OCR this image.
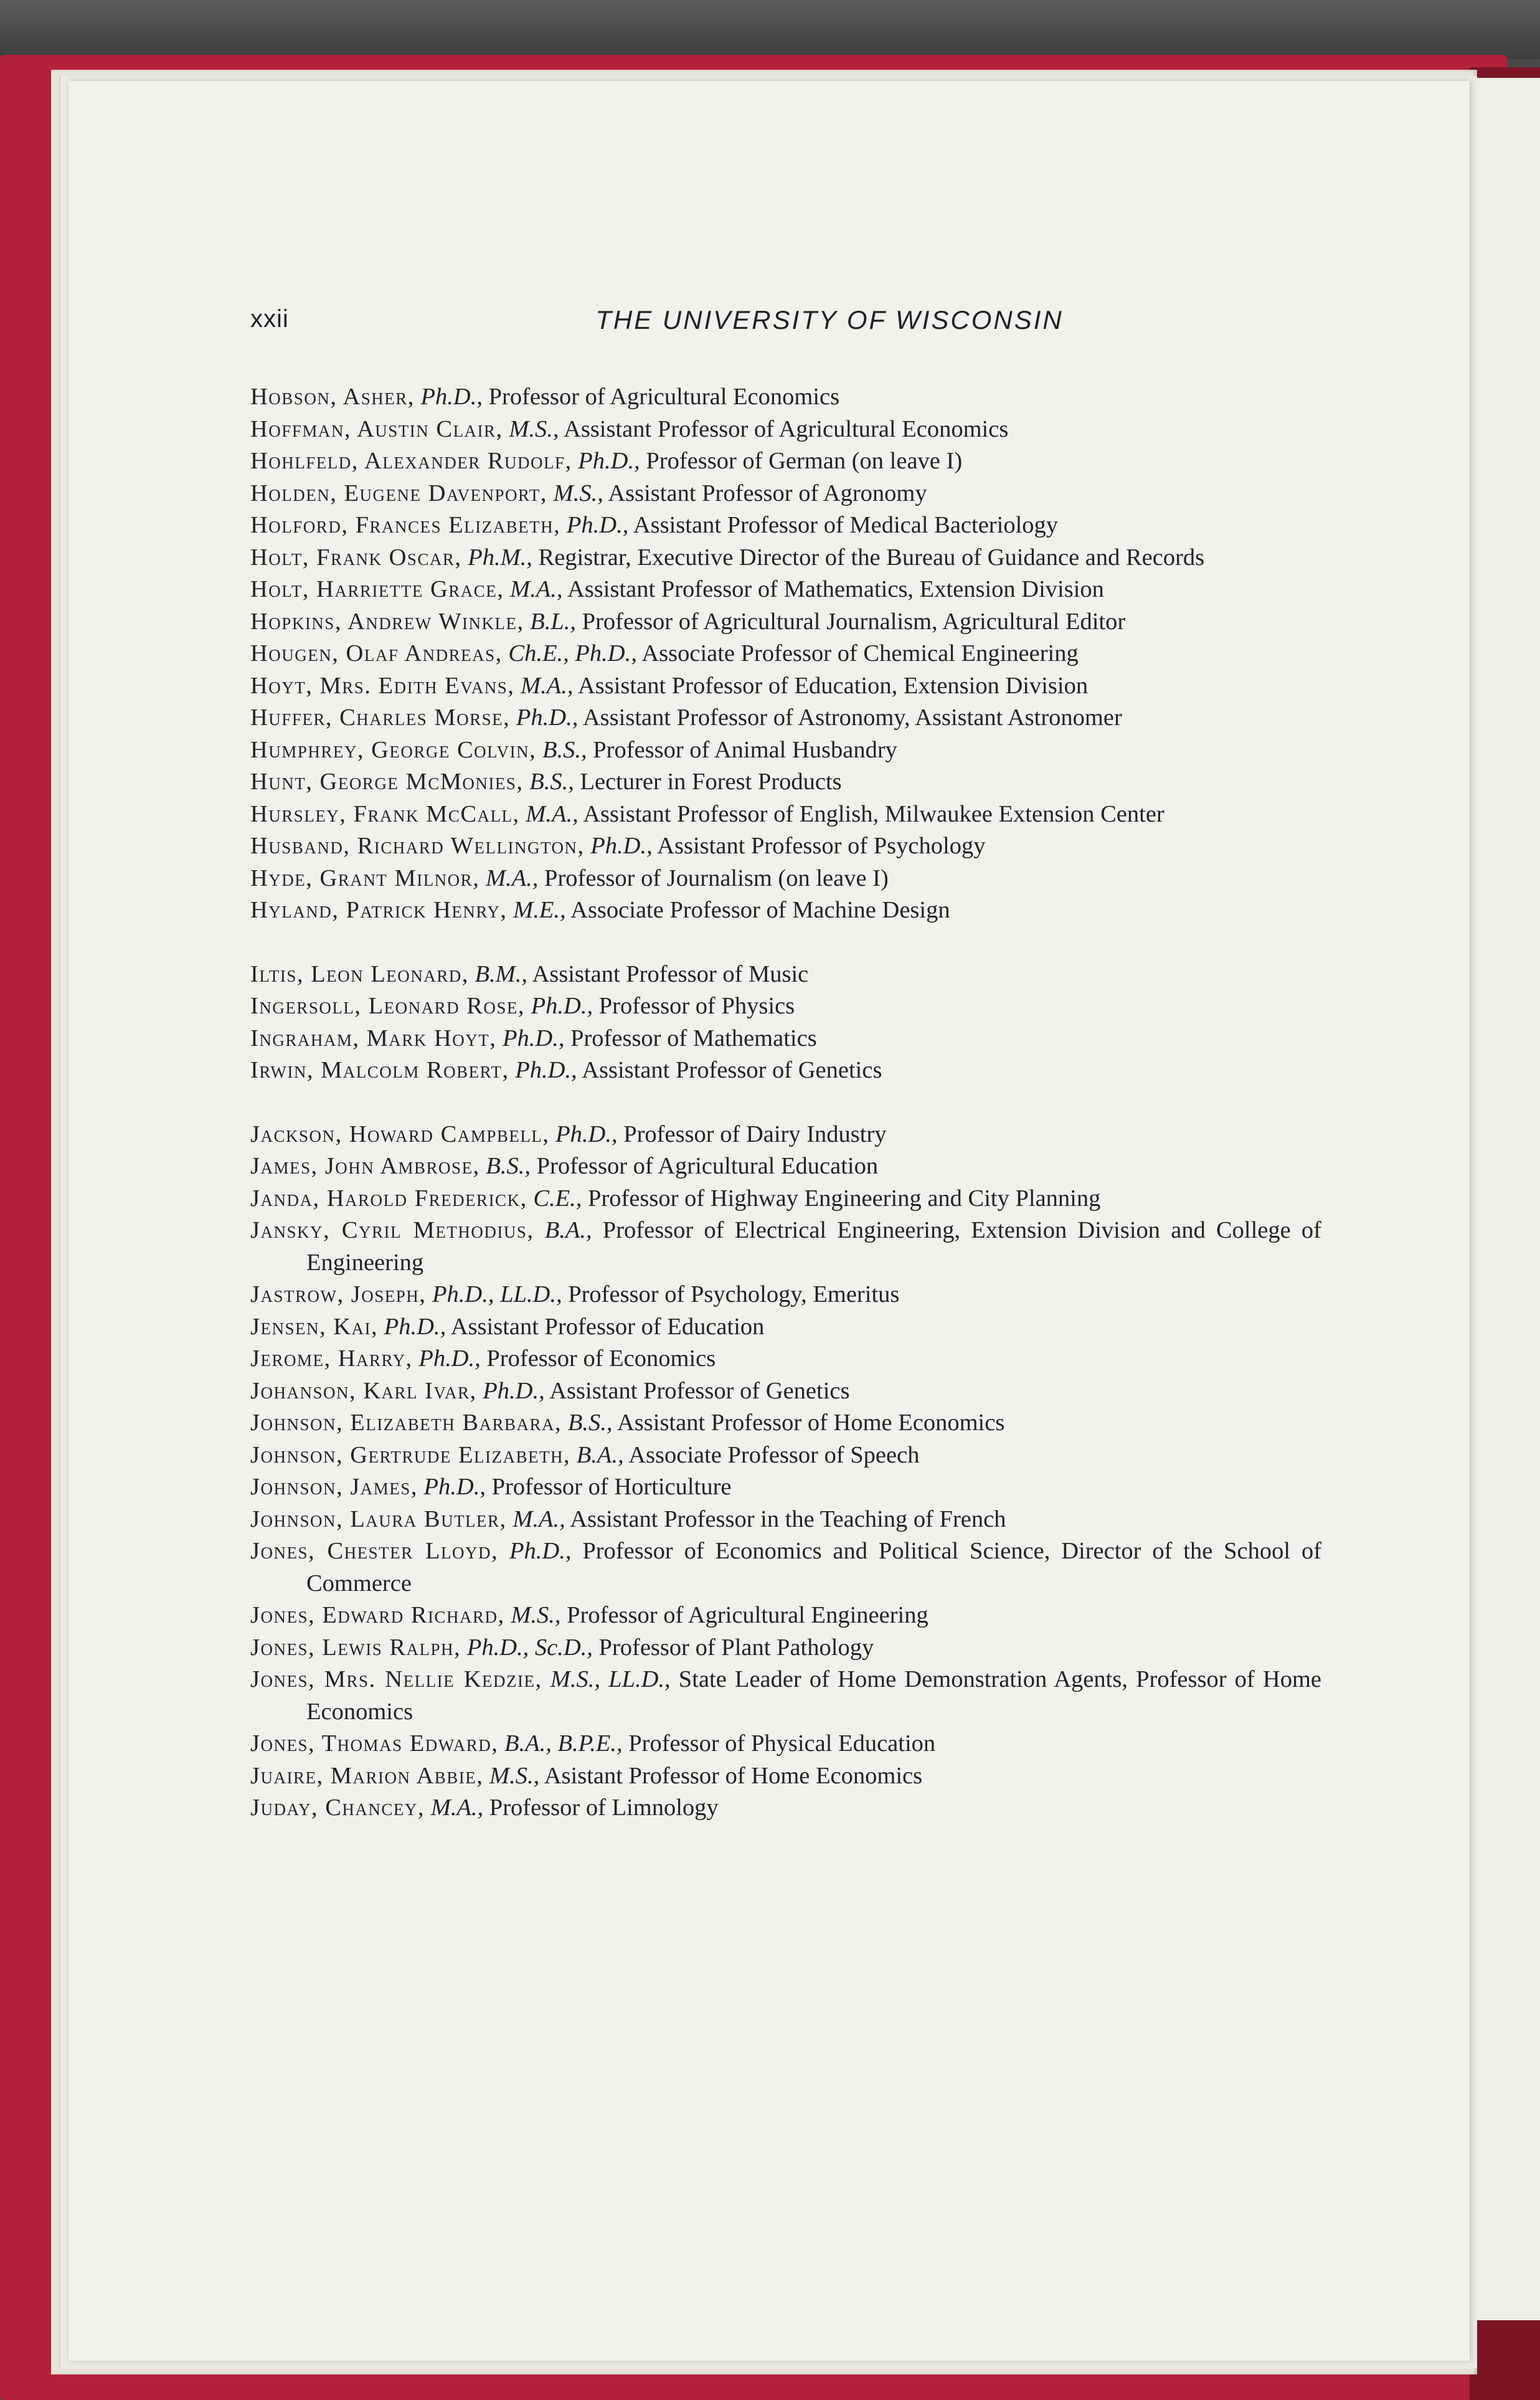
xxii	THE UNIVERSITY OF WISCONSIN
Hobson, Asher, Ph.D., Professor of Agricultural Economics
Hoffman, Austin Clair, M.S., Assistant Professor of Agricultural Economics
Hohlfeld, Alexander Rudolf, Ph.D., Professor of German (on leave I)
Holden, Eugene Davenport, M.S., Assistant Professor of Agronomy
Holford, Frances Elizabeth, Ph.D., Assistant Professor of Medical Bacteriology
Holt, Frank Oscar, Ph.M., Registrar, Executive Director of the Bureau of Guidance and Records
Holt, Harriette Grace, M.A., Assistant Professor of Mathematics, Extension Division
Hopkins, Andrew Winkle, B.L., Professor of Agricultural Journalism, Agricultural Editor
Hougen, Olaf Andreas, Ch.E., Ph.D., Associate Professor of Chemical Engineering
Hoyt, Mrs. Edith Evans, M.A., Assistant Professor of Education, Extension Division
Huffer, Charles Morse, Ph.D., Assistant Professor of Astronomy, Assistant Astronomer
Humphrey, George Colvin, B.S., Professor of Animal Husbandry
Hunt, George McMonies, B.S., Lecturer in Forest Products
Hursley, Frank McCall, M.A., Assistant Professor of English, Milwaukee Extension Center
Husband, Richard Wellington, Ph.D., Assistant Professor of Psychology
Hyde, Grant Milnor, M.A., Professor of Journalism (on leave I)
Hyland, Patrick Henry, M.E., Associate Professor of Machine Design
Iltis, Leon Leonard, B.M., Assistant Professor of Music
Ingersoll, Leonard Rose, Ph.D., Professor of Physics
Ingraham, Mark Hoyt, Ph.D., Professor of Mathematics
Irwin, Malcolm Robert, Ph.D., Assistant Professor of Genetics
Jackson, Howard Campbell, Ph.D., Professor of Dairy Industry
James, John Ambrose, B.S., Professor of Agricultural Education
Janda, Harold Frederick, C.E., Professor of Highway Engineering and City Planning
Jansky, Cyril Methodius, B.A., Professor of Electrical Engineering, Extension Division and College of Engineering
Jastrow, Joseph, Ph.D., LL.D., Professor of Psychology, Emeritus
Jensen, Kai, Ph.D., Assistant Professor of Education
Jerome, Harry, Ph.D., Professor of Economics
Johanson, Karl Ivar, Ph.D., Assistant Professor of Genetics
Johnson, Elizabeth Barbara, B.S., Assistant Professor of Home Economics
Johnson, Gertrude Elizabeth, B.A., Associate Professor of Speech
Johnson, James, Ph.D., Professor of Horticulture
Johnson, Laura Butler, M.A., Assistant Professor in the Teaching of French
Jones, Chester Lloyd, Ph.D., Professor of Economics and Political Science, Director of the School of Commerce
Jones, Edward Richard, M.S., Professor of Agricultural Engineering
Jones, Lewis Ralph, Ph.D., Sc.D., Professor of Plant Pathology
Jones, Mrs. Nellie Kedzie, M.S., LL.D., State Leader of Home Demonstration Agents, Professor of Home Economics
Jones, Thomas Edward, B.A., B.P.E., Professor of Physical Education
Juaire, Marion Abbie, M.S., Asistant Professor of Home Economics
Juday, Chancey, M.A., Professor of Limnology
